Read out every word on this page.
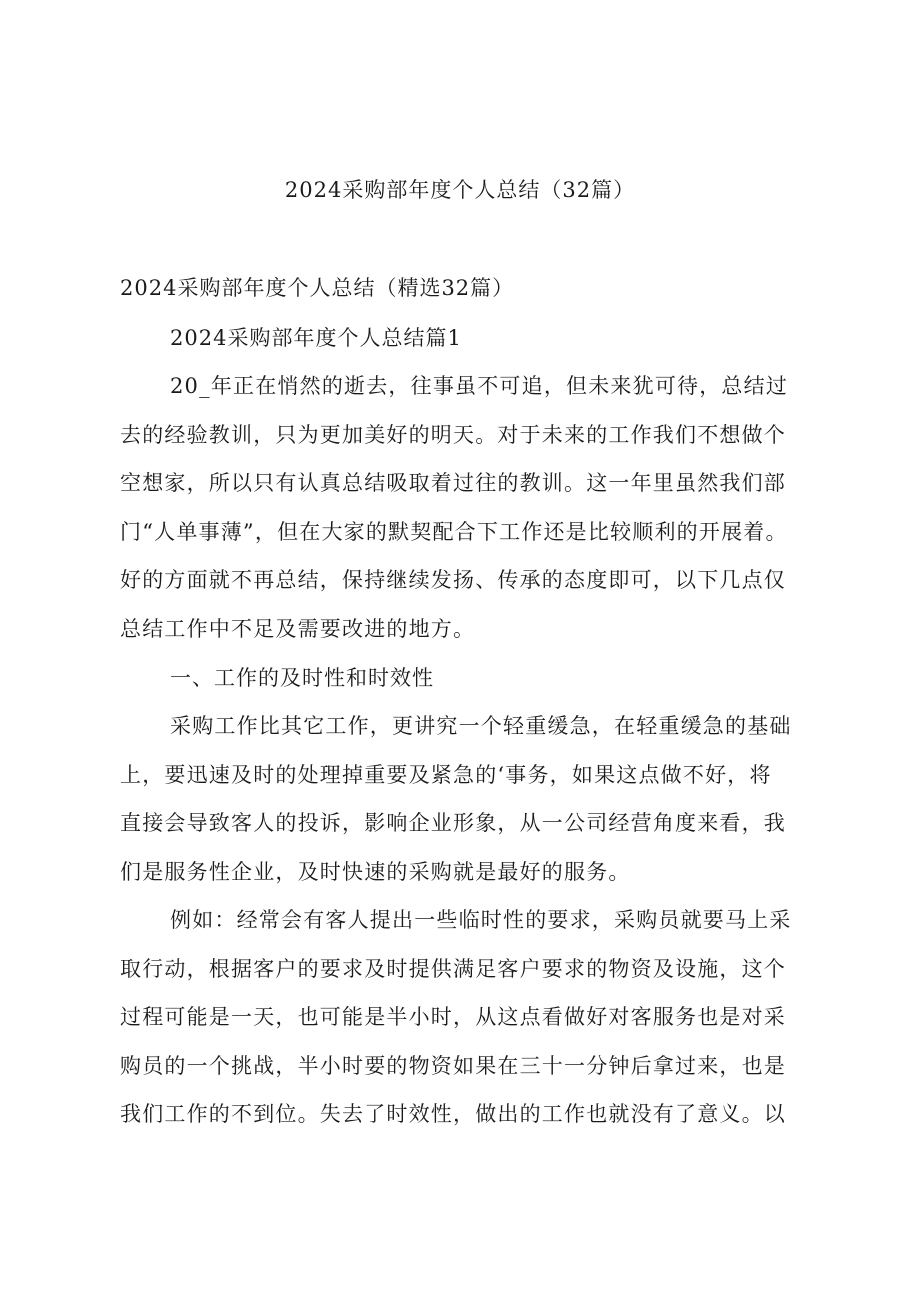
2024采购部年度个人总结（32篇）
2024采购部年度个人总结（精选32篇）
2024采购部年度个人总结篇1
20_年正在悄然的逝去，往事虽不可追，但未来犹可待，总结过
去的经验教训，只为更加美好的明天。对于未来的工作我们不想做个
空想家，所以只有认真总结吸取着过往的教训。这一年里虽然我们部
门“人单事薄”，但在大家的默契配合下工作还是比较顺利的开展着。
好的方面就不再总结，保持继续发扬、传承的态度即可，以下几点仅
总结工作中不足及需要改进的地方。
一、工作的及时性和时效性
采购工作比其它工作，更讲究一个轻重缓急，在轻重缓急的基础
上，要迅速及时的处理掉重要及紧急的‘事务，如果这点做不好，将
直接会导致客人的投诉，影响企业形象，从一公司经营角度来看，我
们是服务性企业，及时快速的采购就是最好的服务。
例如：经常会有客人提出一些临时性的要求，采购员就要马上采
取行动，根据客户的要求及时提供满足客户要求的物资及设施，这个
过程可能是一天，也可能是半小时，从这点看做好对客服务也是对采
购员的一个挑战，半小时要的物资如果在三十一分钟后拿过来，也是
我们工作的不到位。失去了时效性，做出的工作也就没有了意义。以
